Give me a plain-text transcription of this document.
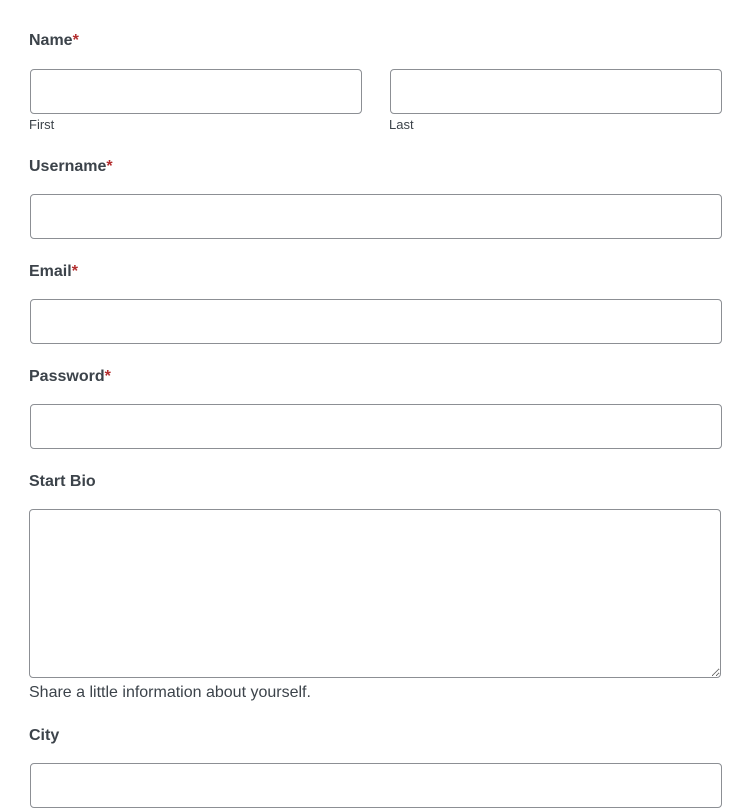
Name*
First	Last
Username*
Email*
Password*
Start Bio
Share a little information about yourself.
City
